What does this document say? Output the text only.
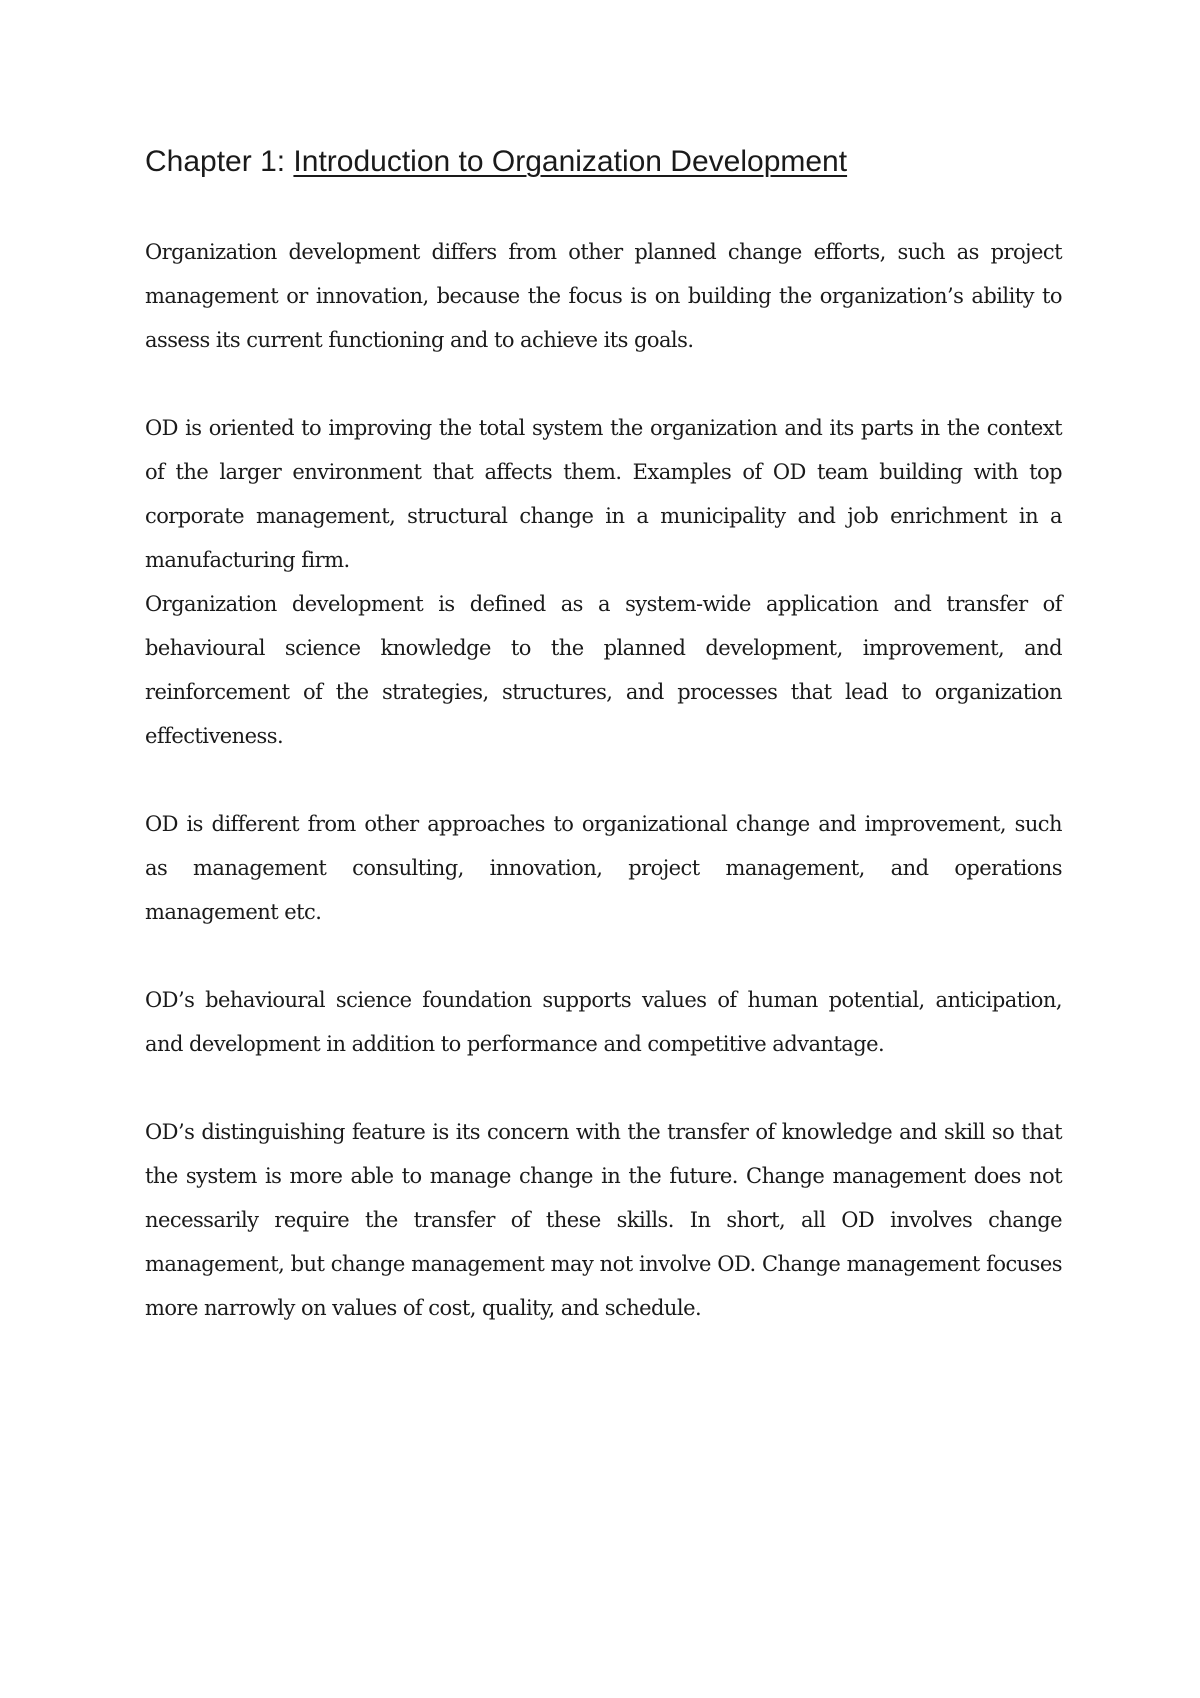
Chapter 1: Introduction to Organization Development

Organization development differs from other planned change efforts, such as project management or innovation, because the focus is on building the organization’s ability to assess its current functioning and to achieve its goals.

OD is oriented to improving the total system the organization and its parts in the context of the larger environment that affects them. Examples of OD team building with top corporate management, structural change in a municipality and job enrichment in a manufacturing firm.

Organization development is defined as a system-wide application and transfer of behavioural science knowledge to the planned development, improvement, and reinforcement of the strategies, structures, and processes that lead to organization effectiveness.

OD is different from other approaches to organizational change and improvement, such as management consulting, innovation, project management, and operations management etc.

OD’s behavioural science foundation supports values of human potential, anticipation, and development in addition to performance and competitive advantage.

OD’s distinguishing feature is its concern with the transfer of knowledge and skill so that the system is more able to manage change in the future. Change management does not necessarily require the transfer of these skills. In short, all OD involves change management, but change management may not involve OD. Change management focuses more narrowly on values of cost, quality, and schedule.
